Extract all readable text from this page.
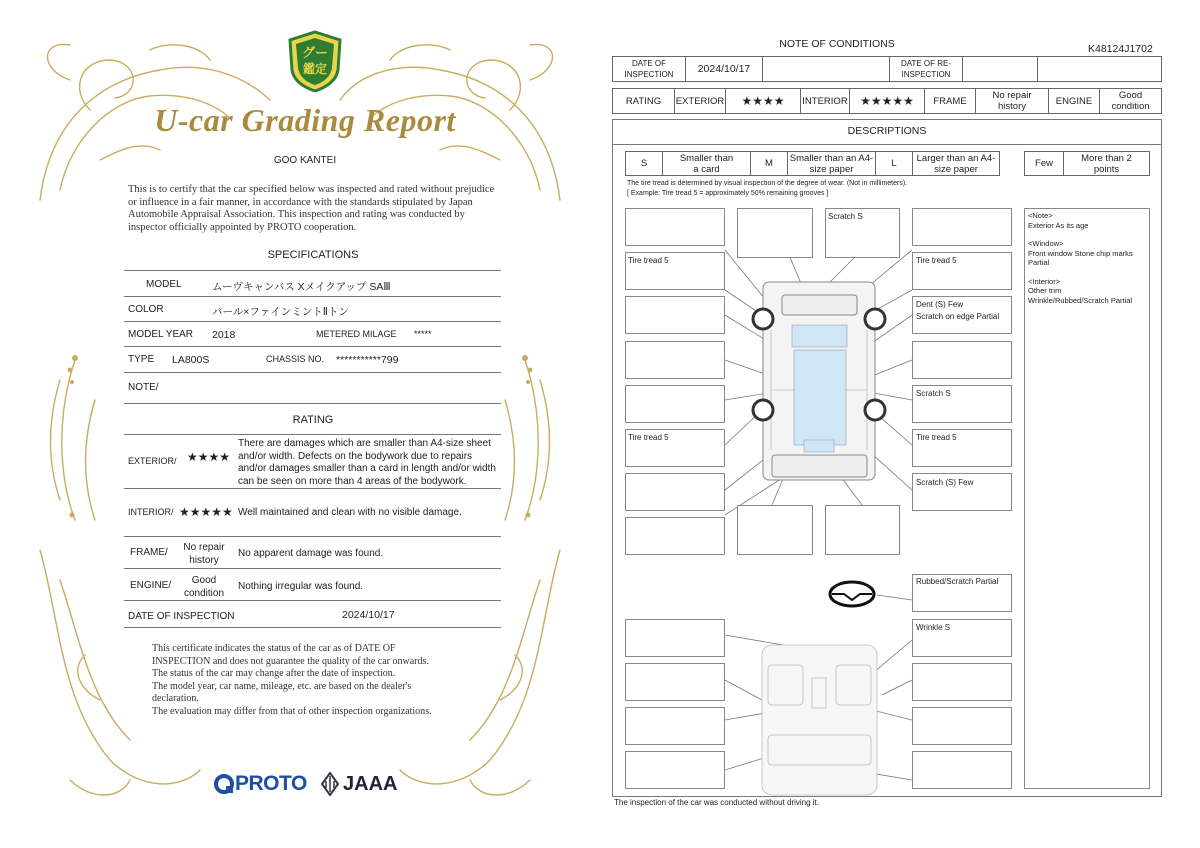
グー
鑑定
U-car Grading Report
GOO KANTEI
This is to certify that the car specified below was inspected and rated without prejudice or influence in a fair manner, in accordance with the standards stipulated by Japan Automobile Appraisal Association. This inspection and rating was conducted by inspector officially appointed by PROTO cooperation.
SPECIFICATIONS
MODEL	ムーヴキャンバス Xメイクアップ SAⅢ
COLOR	パール×ファインミントⅡトン
MODEL YEAR 2018	METERED MILAGE *****
TYPE LA800S	CHASSIS NO. ***********799
NOTE/
RATING
EXTERIOR/ ★★★★
There are damages which are smaller than A4-size sheet and/or width. Defects on the bodywork due to repairs and/or damages smaller than a card in length and/or width can be seen on more than 4 areas of the bodywork.
INTERIOR/ ★★★★★ Well maintained and clean with no visible damage.
FRAME/	No repair history
No apparent damage was found.
ENGINE/	Good condition
Nothing irregular was found.
DATE OF INSPECTION	2024/10/17
This certificate indicates the status of the car as of DATE OF
INSPECTION and does not guarantee the quality of the car onwards.
The status of the car may change after the date of inspection.
The model year, car name, mileage, etc. are based on the dealer's
declaration.
The evaluation may differ from that of other inspection organizations.
PROTO JAAA
NOTE OF CONDITIONS	K48124J1702
DATE OF INSPECTION	2024/10/17	DATE OF RE-INSPECTION
RATING	EXTERIOR	★★★★	INTERIOR	★★★★★	FRAME	No repair history	ENGINE	Good condition
DESCRIPTIONS
S	Smaller than a card	M	Smaller than an A4-size paper	L	Larger than an A4-size paper	Few	More than 2 points
The tire tread is determined by visual inspection of the degree of wear. (Not in millimeters).
[ Example: Tire tread 5 = approximately 50% remaining grooves ]
Scratch S
Tire tread 5	Tire tread 5
Dent (S) Few
Scratch on edge Partial
Scratch S
Tire tread 5	Tire tread 5
Scratch (S) Few
Rubbed/Scratch Partial
Wrinkle S
<Note>
Exterior As its age
<Window>
Front window Stone chip marks Partial
<Interior>
Other trim
Wrinkle/Rubbed/Scratch Partial
The inspection of the car was conducted without driving it.
